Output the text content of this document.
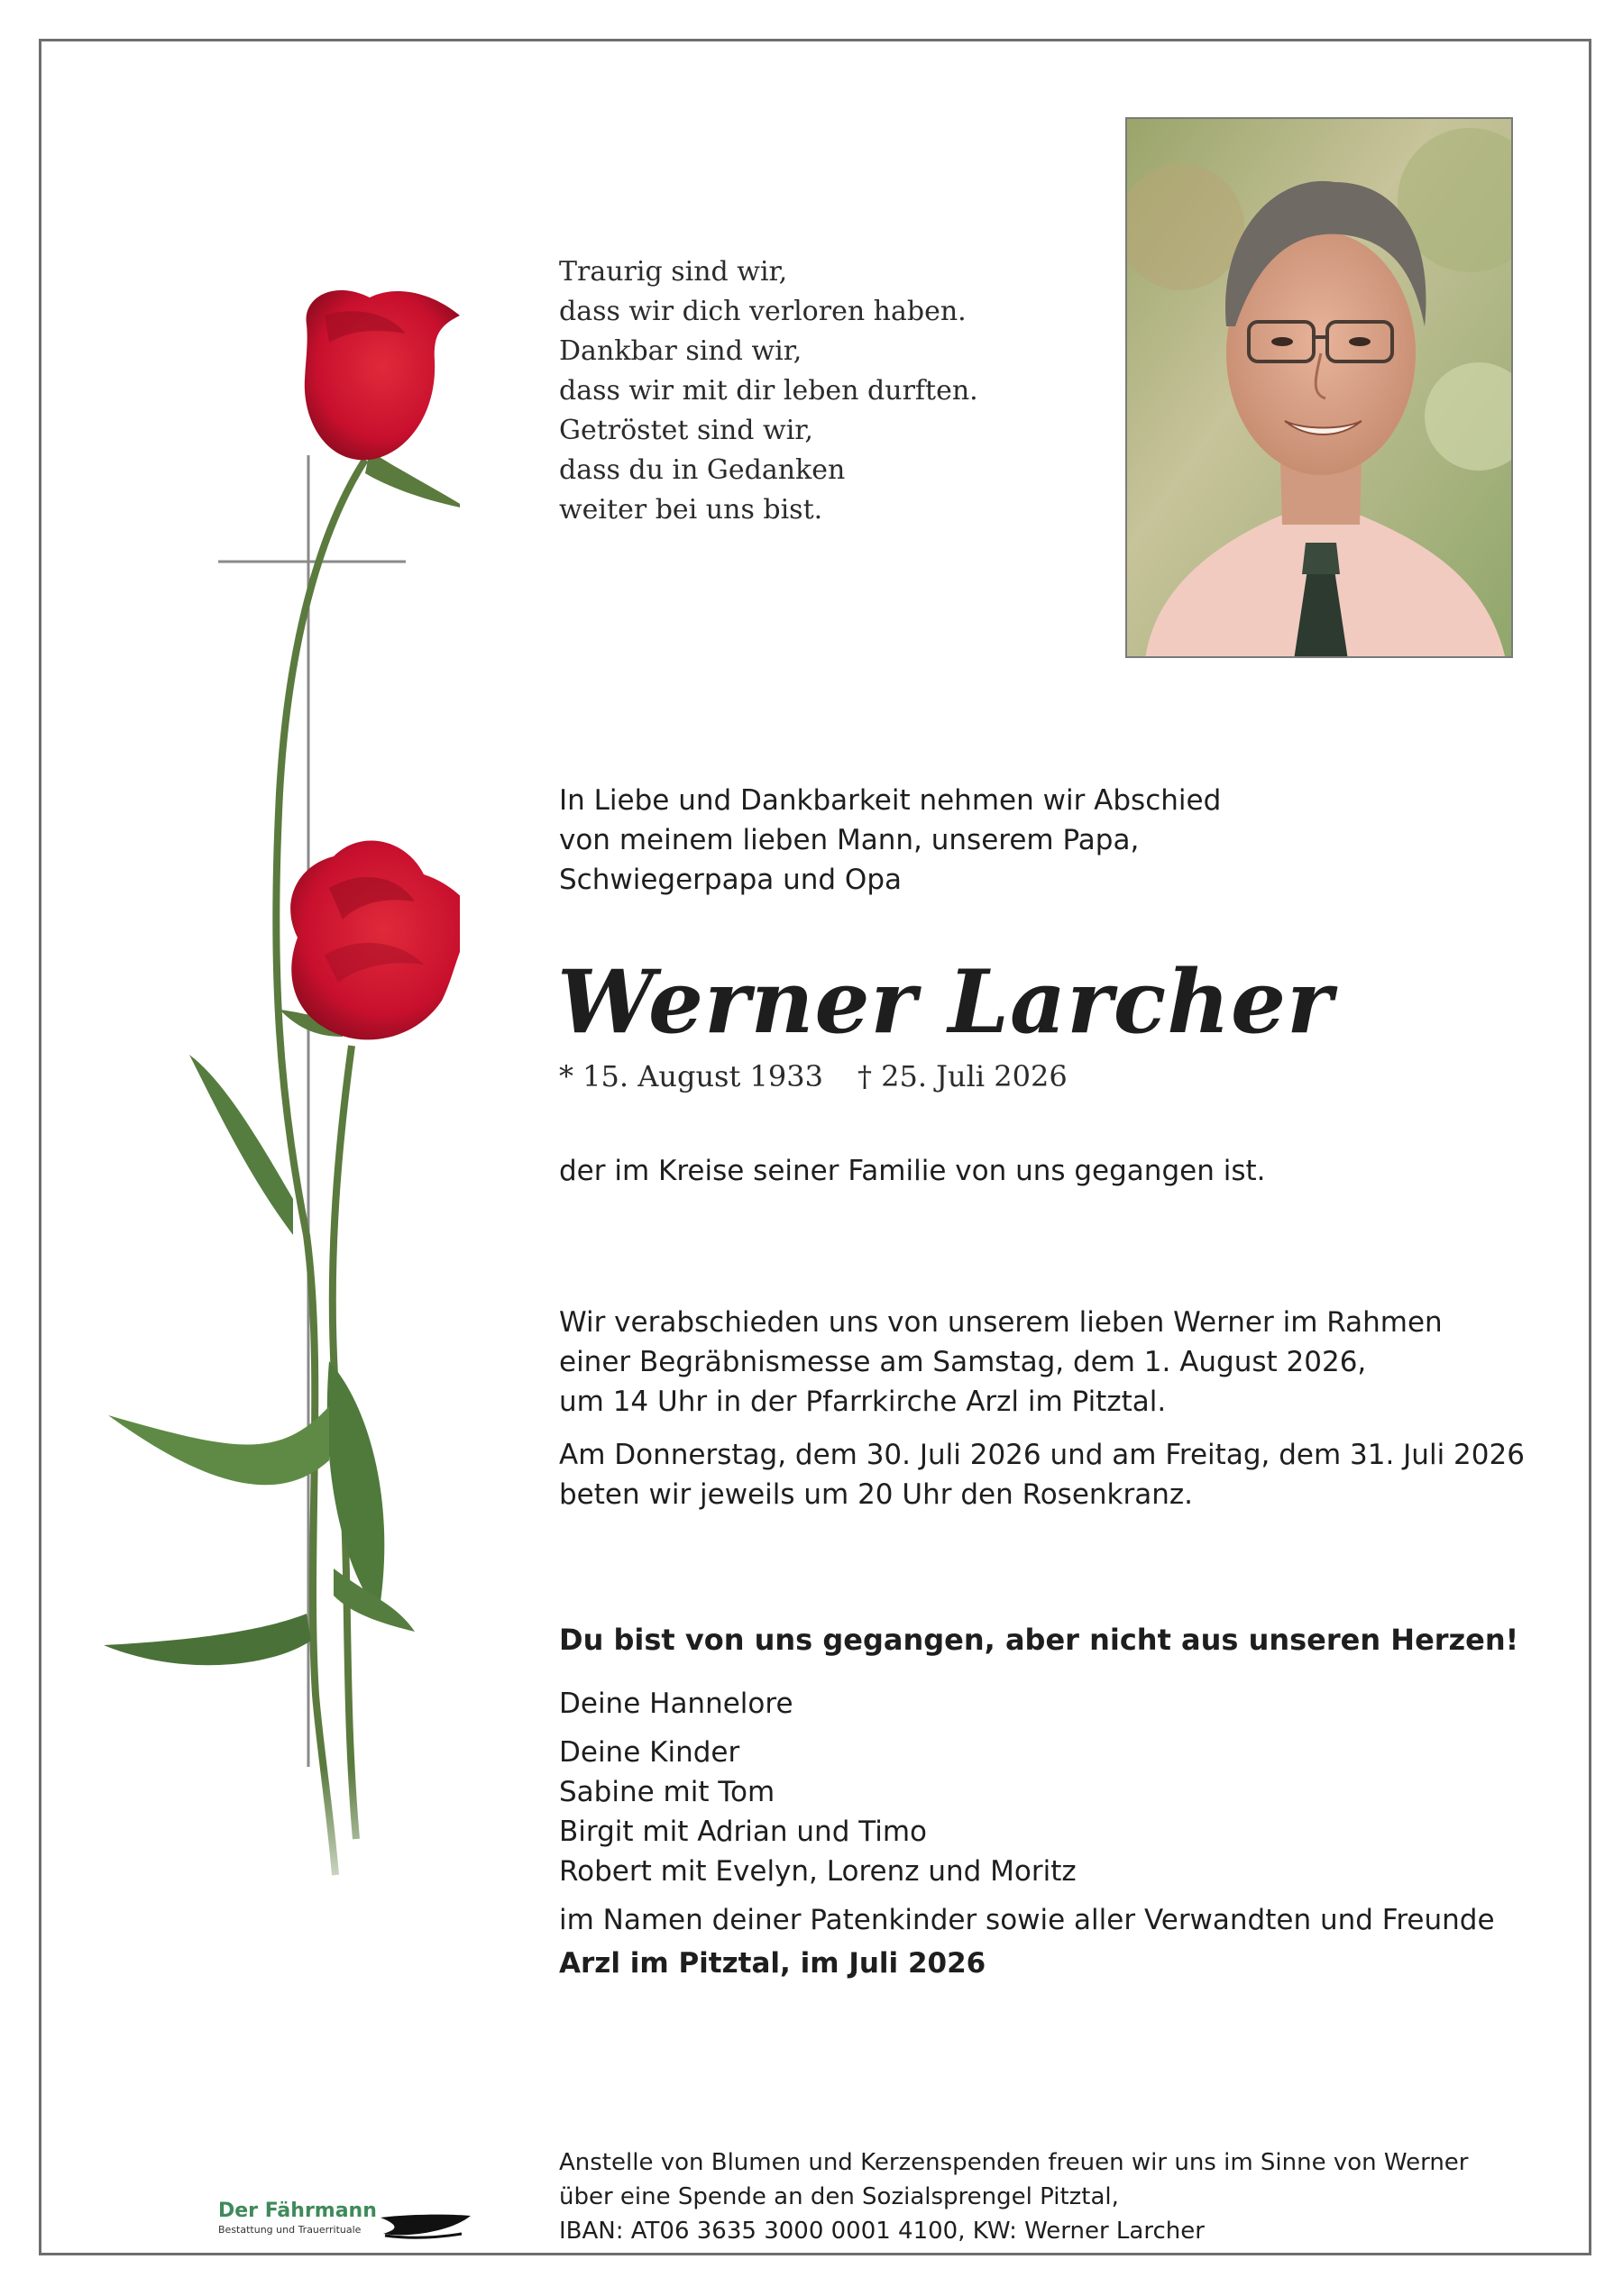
Traurig sind wir,
dass wir dich verloren haben.
Dankbar sind wir,
dass wir mit dir leben durften.
Getröstet sind wir,
dass du in Gedanken
weiter bei uns bist.
In Liebe und Dankbarkeit nehmen wir Abschied
von meinem lieben Mann, unserem Papa,
Schwiegerpapa und Opa
Werner Larcher
* 15. August 1933 † 25. Juli 2026
der im Kreise seiner Familie von uns gegangen ist.
Wir verabschieden uns von unserem lieben Werner im Rahmen
einer Begräbnismesse am Samstag, dem 1. August 2026,
um 14 Uhr in der Pfarrkirche Arzl im Pitztal.
Am Donnerstag, dem 30. Juli 2026 und am Freitag, dem 31. Juli 2026
beten wir jeweils um 20 Uhr den Rosenkranz.
Du bist von uns gegangen, aber nicht aus unseren Herzen!
Deine Hannelore
Deine Kinder
Sabine mit Tom
Birgit mit Adrian und Timo
Robert mit Evelyn, Lorenz und Moritz
im Namen deiner Patenkinder sowie aller Verwandten und Freunde
Arzl im Pitztal, im Juli 2026
Anstelle von Blumen und Kerzenspenden freuen wir uns im Sinne von Werner
über eine Spende an den Sozialsprengel Pitztal,
IBAN: AT06 3635 3000 0001 4100, KW: Werner Larcher
Der Fährmann
Bestattung und Trauerrituale
